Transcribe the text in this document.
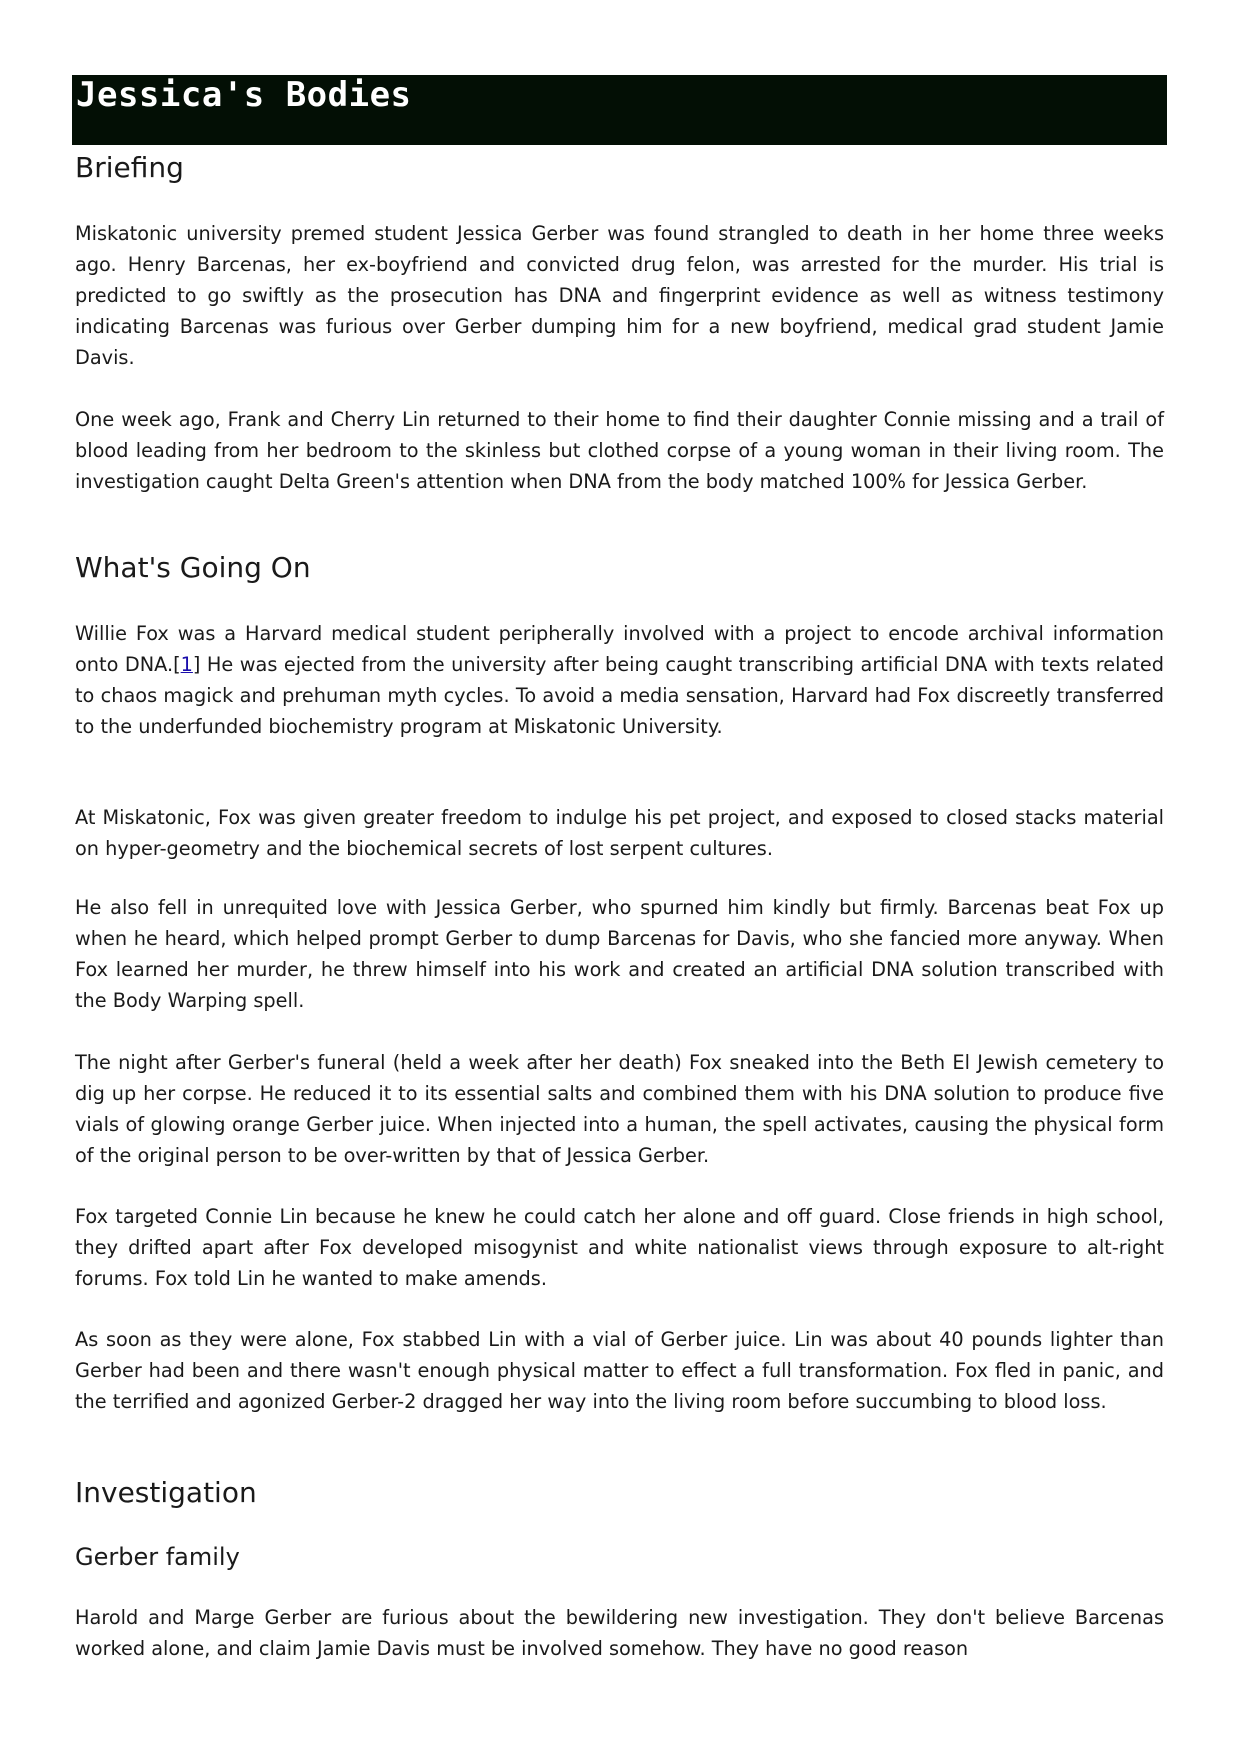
Jessica's Bodies
Briefing

Miskatonic university premed student Jessica Gerber was found strangled to death in her home three weeks ago. Henry Barcenas, her ex-boyfriend and convicted drug felon, was arrested for the murder. His trial is predicted to go swiftly as the prosecution has DNA and fingerprint evidence as well as witness testimony indicating Barcenas was furious over Gerber dumping him for a new boyfriend, medical grad student Jamie Davis.

One week ago, Frank and Cherry Lin returned to their home to find their daughter Connie missing and a trail of blood leading from her bedroom to the skinless but clothed corpse of a young woman in their living room. The investigation caught Delta Green's attention when DNA from the body matched 100% for Jessica Gerber.

What's Going On

Willie Fox was a Harvard medical student peripherally involved with a project to encode archival information onto DNA.[1] He was ejected from the university after being caught transcribing artificial DNA with texts related to chaos magick and prehuman myth cycles. To avoid a media sensation, Harvard had Fox discreetly transferred to the underfunded biochemistry program at Miskatonic University.

At Miskatonic, Fox was given greater freedom to indulge his pet project, and exposed to closed stacks material on hyper-geometry and the biochemical secrets of lost serpent cultures.

He also fell in unrequited love with Jessica Gerber, who spurned him kindly but firmly. Barcenas beat Fox up when he heard, which helped prompt Gerber to dump Barcenas for Davis, who she fancied more anyway. When Fox learned her murder, he threw himself into his work and created an artificial DNA solution transcribed with the Body Warping spell.

The night after Gerber's funeral (held a week after her death) Fox sneaked into the Beth El Jewish cemetery to dig up her corpse. He reduced it to its essential salts and combined them with his DNA solution to produce five vials of glowing orange Gerber juice. When injected into a human, the spell activates, causing the physical form of the original person to be over-written by that of Jessica Gerber.

Fox targeted Connie Lin because he knew he could catch her alone and off guard. Close friends in high school, they drifted apart after Fox developed misogynist and white nationalist views through exposure to alt-right forums. Fox told Lin he wanted to make amends.

As soon as they were alone, Fox stabbed Lin with a vial of Gerber juice. Lin was about 40 pounds lighter than Gerber had been and there wasn't enough physical matter to effect a full transformation. Fox fled in panic, and the terrified and agonized Gerber-2 dragged her way into the living room before succumbing to blood loss.

Investigation
Gerber family

Harold and Marge Gerber are furious about the bewildering new investigation. They don't believe Barcenas worked alone, and claim Jamie Davis must be involved somehow. They have no good reason
